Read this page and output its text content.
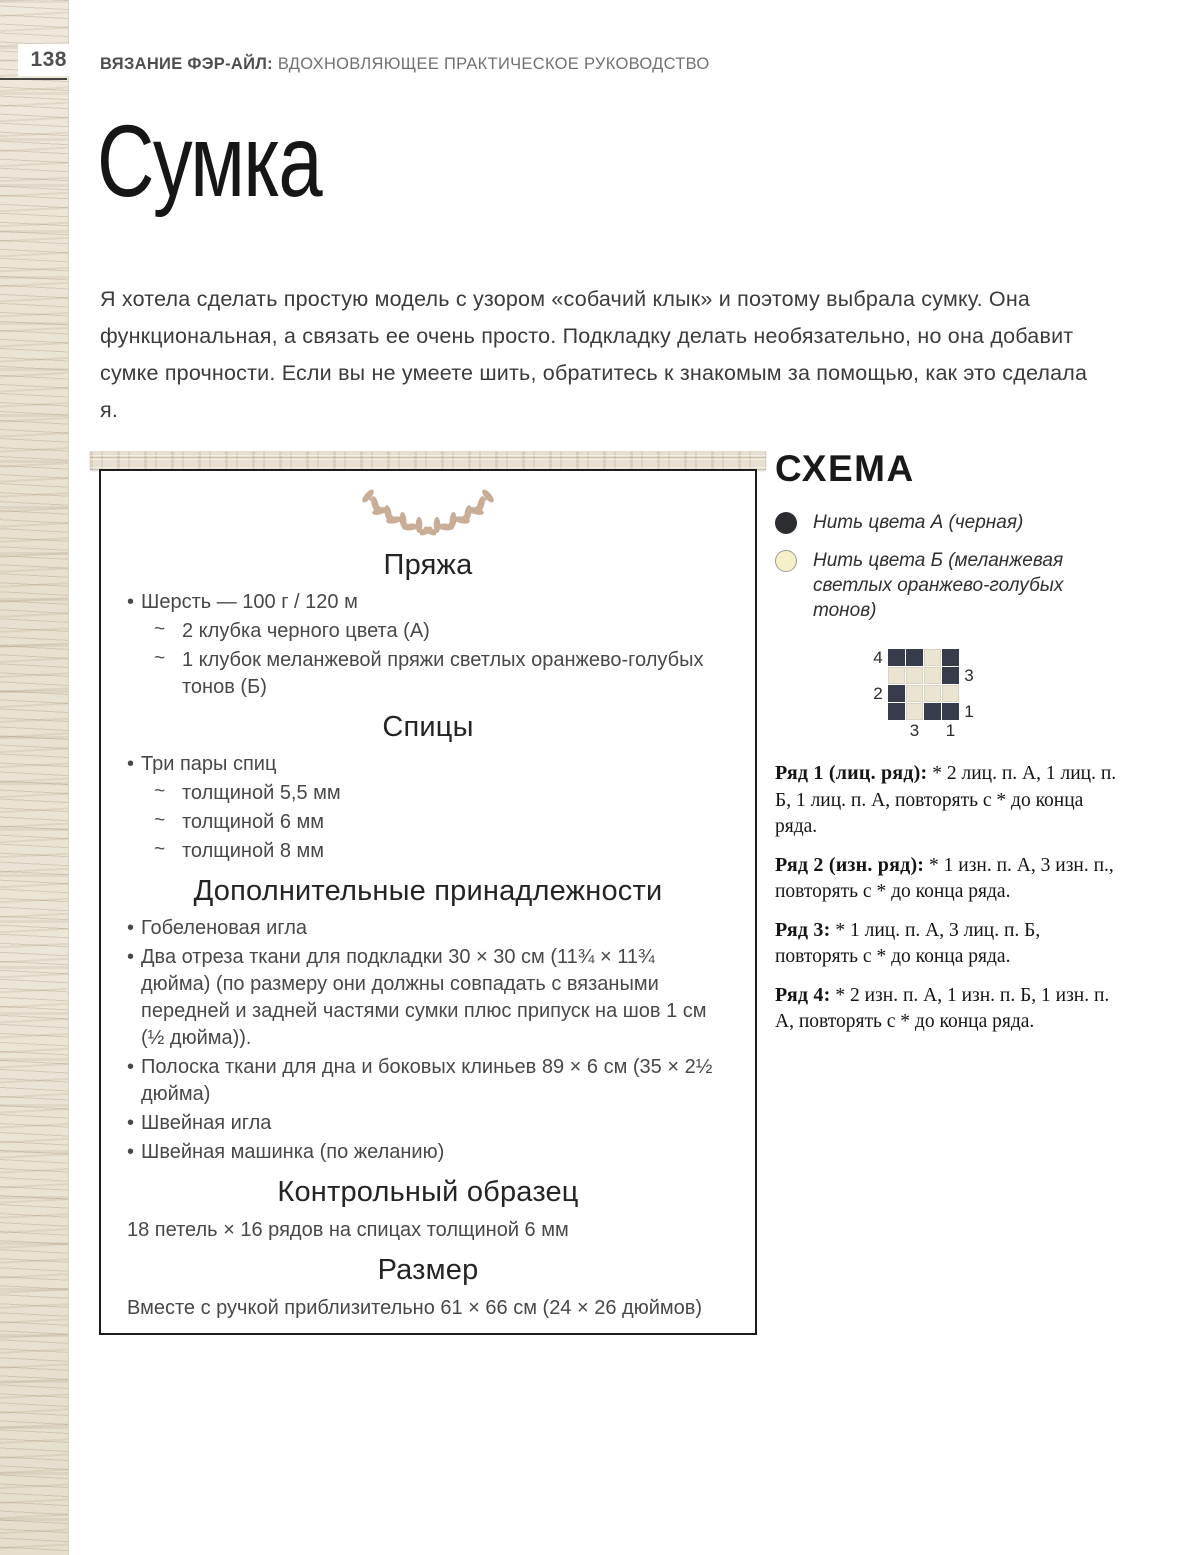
138 ВЯЗАНИЕ ФЭР-АЙЛ: ВДОХНОВЛЯЮЩЕЕ ПРАКТИЧЕСКОЕ РУКОВОДСТВО
Сумка

Я хотела сделать простую модель с узором «собачий клык» и поэтому выбрала сумку. Она функциональная, а связать ее очень просто. Подкладку делать необязательно, но она добавит сумке прочности. Если вы не умеете шить, обратитесь к знакомым за помощью, как это сделала я.

Пряжа
• Шерсть — 100 г / 120 м
~ 2 клубка черного цвета (А)
~ 1 клубок меланжевой пряжи светлых оранжево-голубых тонов (Б)
Спицы
• Три пары спиц
~ толщиной 5,5 мм
~ толщиной 6 мм
~ толщиной 8 мм
Дополнительные принадлежности
• Гобеленовая игла
• Два отреза ткани для подкладки 30 × 30 см (11¾ × 11¾ дюйма) (по размеру они должны совпадать с вязаными передней и задней частями сумки плюс припуск на шов 1 см (½ дюйма)).
• Полоска ткани для дна и боковых клиньев 89 × 6 см (35 × 2½ дюйма)
• Швейная игла
• Швейная машинка (по желанию)
Контрольный образец

18 петель × 16 рядов на спицах толщиной 6 мм

Размер

Вместе с ручкой приблизительно 61 × 66 см (24 × 26 дюймов)

СХЕМА
Нить цвета А (черная)
Нить цвета Б (меланжевая светлых оранжево-голубых тонов)
4
3
2
1
3 1

Ряд 1 (лиц. ряд): * 2 лиц. п. А, 1 лиц. п. Б, 1 лиц. п. А, повторять с * до конца ряда.

Ряд 2 (изн. ряд): * 1 изн. п. А, 3 изн. п., повторять с * до конца ряда.

Ряд 3: * 1 лиц. п. А, 3 лиц. п. Б, повторять с * до конца ряда.

Ряд 4: * 2 изн. п. А, 1 изн. п. Б, 1 изн. п. А, повторять с * до конца ряда.
